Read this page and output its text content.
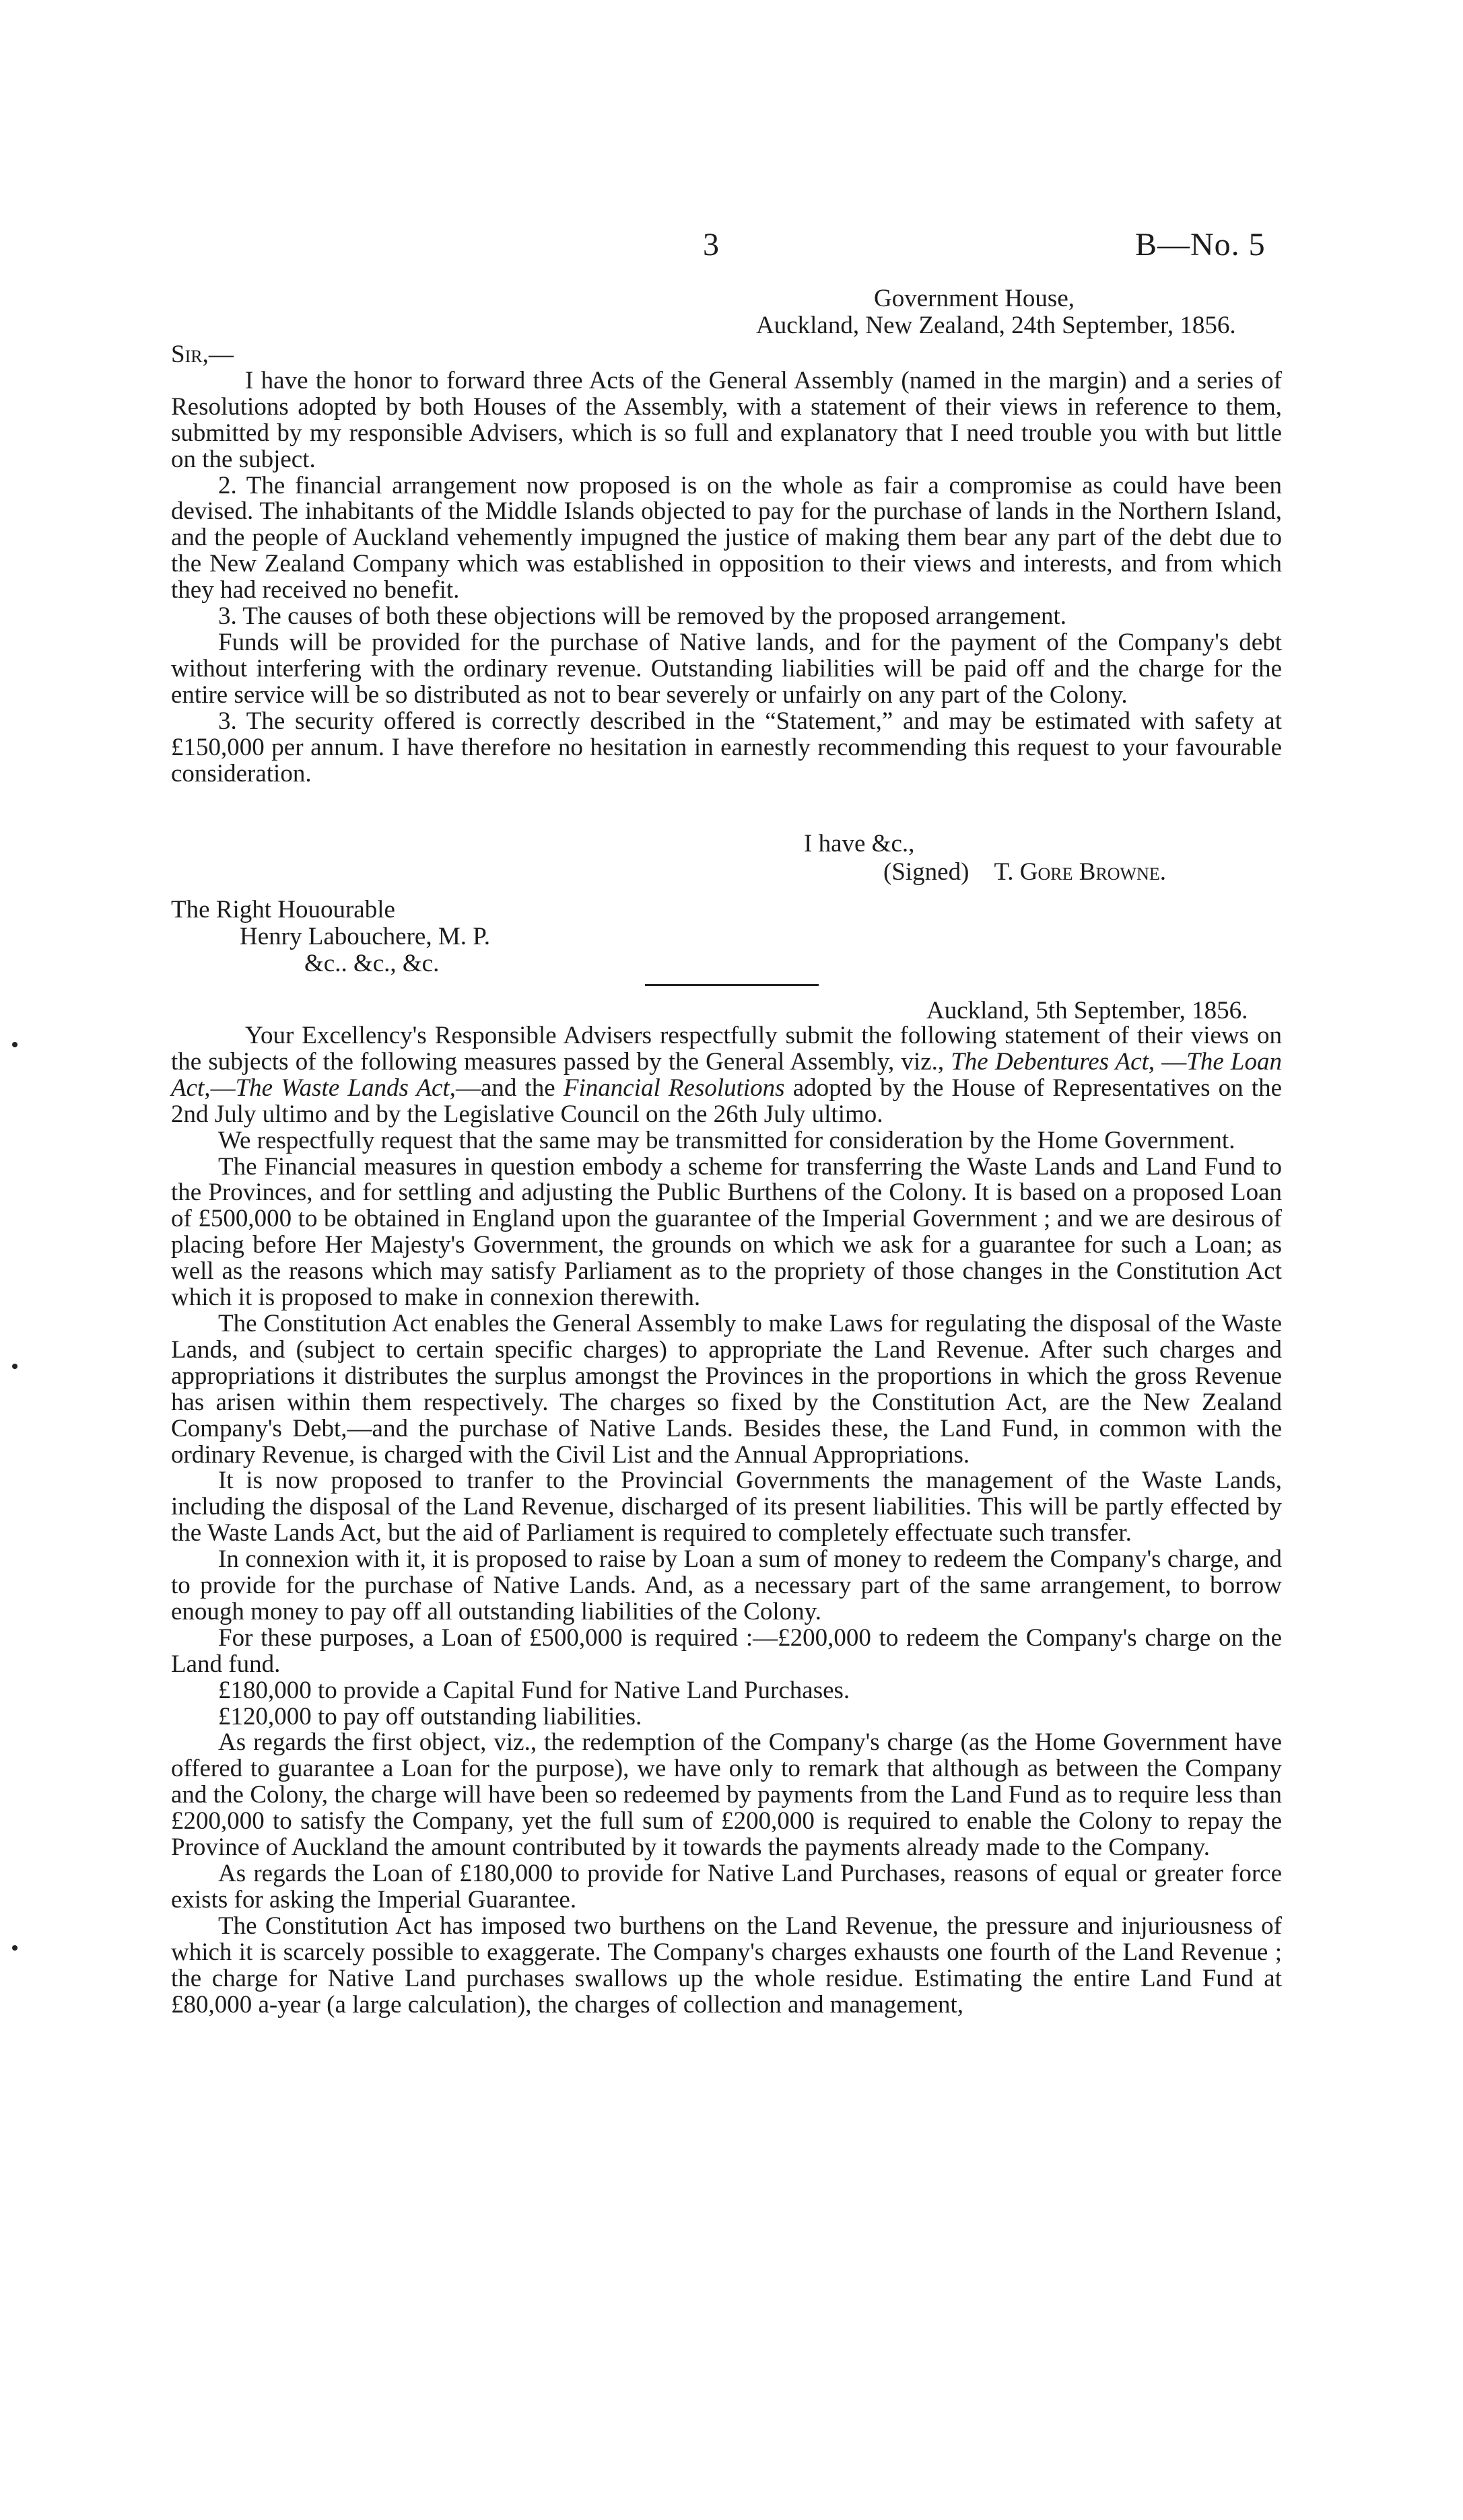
3	B—No. 5
Government House,
Auckland, New Zealand, 24th September, 1856.

Sir,—

I have the honor to forward three Acts of the General Assembly (named in the margin) and a series of Resolutions adopted by both Houses of the Assembly, with a statement of their views in reference to them, submitted by my responsible Advisers, which is so full and explanatory that I need trouble you with but little on the subject.

2. The financial arrangement now proposed is on the whole as fair a compromise as could have been devised. The inhabitants of the Middle Islands objected to pay for the purchase of lands in the Northern Island, and the people of Auckland vehemently impugned the justice of making them bear any part of the debt due to the New Zealand Company which was established in opposition to their views and interests, and from which they had received no benefit.

3. The causes of both these objections will be removed by the proposed arrangement.

Funds will be provided for the purchase of Native lands, and for the payment of the Company's debt without interfering with the ordinary revenue. Outstanding liabilities will be paid off and the charge for the entire service will be so distributed as not to bear severely or unfairly on any part of the Colony.

3. The security offered is correctly described in the “Statement,” and may be estimated with safety at £150,000 per annum. I have therefore no hesitation in earnestly recommending this request to your favourable consideration.

I have &c.,
(Signed) T. Gore Browne.
The Right Houourable
Henry Labouchere, M. P.
&c.. &c., &c.
Auckland, 5th September, 1856.

Your Excellency's Responsible Advisers respectfully submit the following statement of their views on the subjects of the following measures passed by the General Assembly, viz., The Debentures Act, —The Loan Act,—The Waste Lands Act,—and the Financial Resolutions adopted by the House of Representatives on the 2nd July ultimo and by the Legislative Council on the 26th July ultimo.

We respectfully request that the same may be transmitted for consideration by the Home Government.

The Financial measures in question embody a scheme for transferring the Waste Lands and Land Fund to the Provinces, and for settling and adjusting the Public Burthens of the Colony. It is based on a proposed Loan of £500,000 to be obtained in England upon the guarantee of the Imperial Government ; and we are desirous of placing before Her Majesty's Government, the grounds on which we ask for a guarantee for such a Loan; as well as the reasons which may satisfy Parliament as to the propriety of those changes in the Constitution Act which it is proposed to make in connexion therewith.

The Constitution Act enables the General Assembly to make Laws for regulating the disposal of the Waste Lands, and (subject to certain specific charges) to appropriate the Land Revenue. After such charges and appropriations it distributes the surplus amongst the Provinces in the proportions in which the gross Revenue has arisen within them respectively. The charges so fixed by the Constitution Act, are the New Zealand Company's Debt,—and the purchase of Native Lands. Besides these, the Land Fund, in common with the ordinary Revenue, is charged with the Civil List and the Annual Appropriations.

It is now proposed to tranfer to the Provincial Governments the management of the Waste Lands, including the disposal of the Land Revenue, discharged of its present liabilities. This will be partly effected by the Waste Lands Act, but the aid of Parliament is required to completely effectuate such transfer.

In connexion with it, it is proposed to raise by Loan a sum of money to redeem the Company's charge, and to provide for the purchase of Native Lands. And, as a necessary part of the same arrangement, to borrow enough money to pay off all outstanding liabilities of the Colony.

For these purposes, a Loan of £500,000 is required :—£200,000 to redeem the Company's charge on the Land fund.

£180,000 to provide a Capital Fund for Native Land Purchases.

£120,000 to pay off outstanding liabilities.

As regards the first object, viz., the redemption of the Company's charge (as the Home Government have offered to guarantee a Loan for the purpose), we have only to remark that although as between the Company and the Colony, the charge will have been so redeemed by payments from the Land Fund as to require less than £200,000 to satisfy the Company, yet the full sum of £200,000 is required to enable the Colony to repay the Province of Auckland the amount contributed by it towards the payments already made to the Company.

As regards the Loan of £180,000 to provide for Native Land Purchases, reasons of equal or greater force exists for asking the Imperial Guarantee.

The Constitution Act has imposed two burthens on the Land Revenue, the pressure and injuriousness of which it is scarcely possible to exaggerate. The Company's charges exhausts one fourth of the Land Revenue ; the charge for Native Land purchases swallows up the whole residue. Estimating the entire Land Fund at £80,000 a-year (a large calculation), the charges of collection and management,
